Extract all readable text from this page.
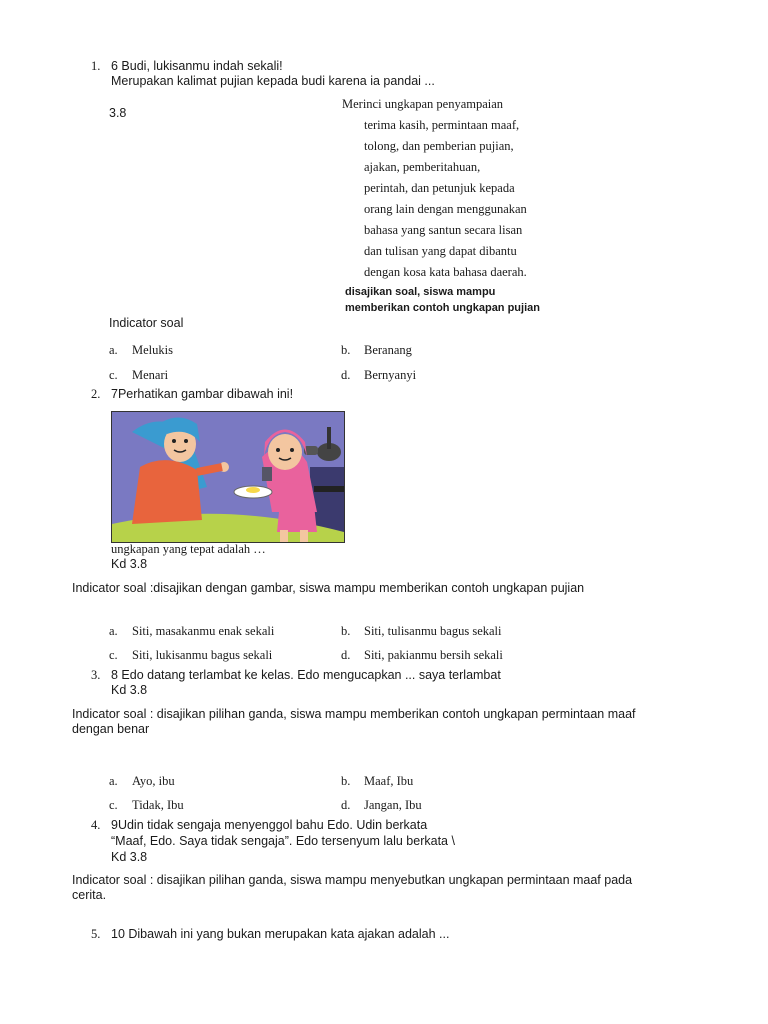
1. 6 Budi, lukisanmu indah sekali!
Merupakan kalimat pujian kepada budi karena ia pandai ...
3.8
Merinci ungkapan penyampaian
terima kasih, permintaan maaf,
tolong, dan pemberian pujian,
ajakan, pemberitahuan,
perintah, dan petunjuk kepada
orang lain dengan menggunakan
bahasa yang santun secara lisan
dan tulisan yang dapat dibantu
dengan kosa kata bahasa daerah.
disajikan soal, siswa mampu
memberikan contoh ungkapan pujian
Indicator soal
a. Melukis	b. Beranang
c. Menari	d. Bernyanyi
2. 7Perhatikan gambar dibawah ini!
ungkapan yang tepat adalah …
Kd 3.8
Indicator soal :disajikan dengan gambar, siswa mampu memberikan contoh ungkapan pujian
a. Siti, masakanmu enak sekali	b. Siti, tulisanmu bagus sekali
c. Siti, lukisanmu bagus sekali	d. Siti, pakianmu bersih sekali
3. 8 Edo datang terlambat ke kelas. Edo mengucapkan ... saya terlambat
Kd 3.8
Indicator soal : disajikan pilihan ganda, siswa mampu memberikan contoh ungkapan permintaan maaf
dengan benar
a. Ayo, ibu	b. Maaf, Ibu
c. Tidak, Ibu	d. Jangan, Ibu
4. 9Udin tidak sengaja menyenggol bahu Edo. Udin berkata
“Maaf, Edo. Saya tidak sengaja”. Edo tersenyum lalu berkata \
Kd 3.8
Indicator soal : disajikan pilihan ganda, siswa mampu menyebutkan ungkapan permintaan maaf pada
cerita.
5. 10 Dibawah ini yang bukan merupakan kata ajakan adalah ...
